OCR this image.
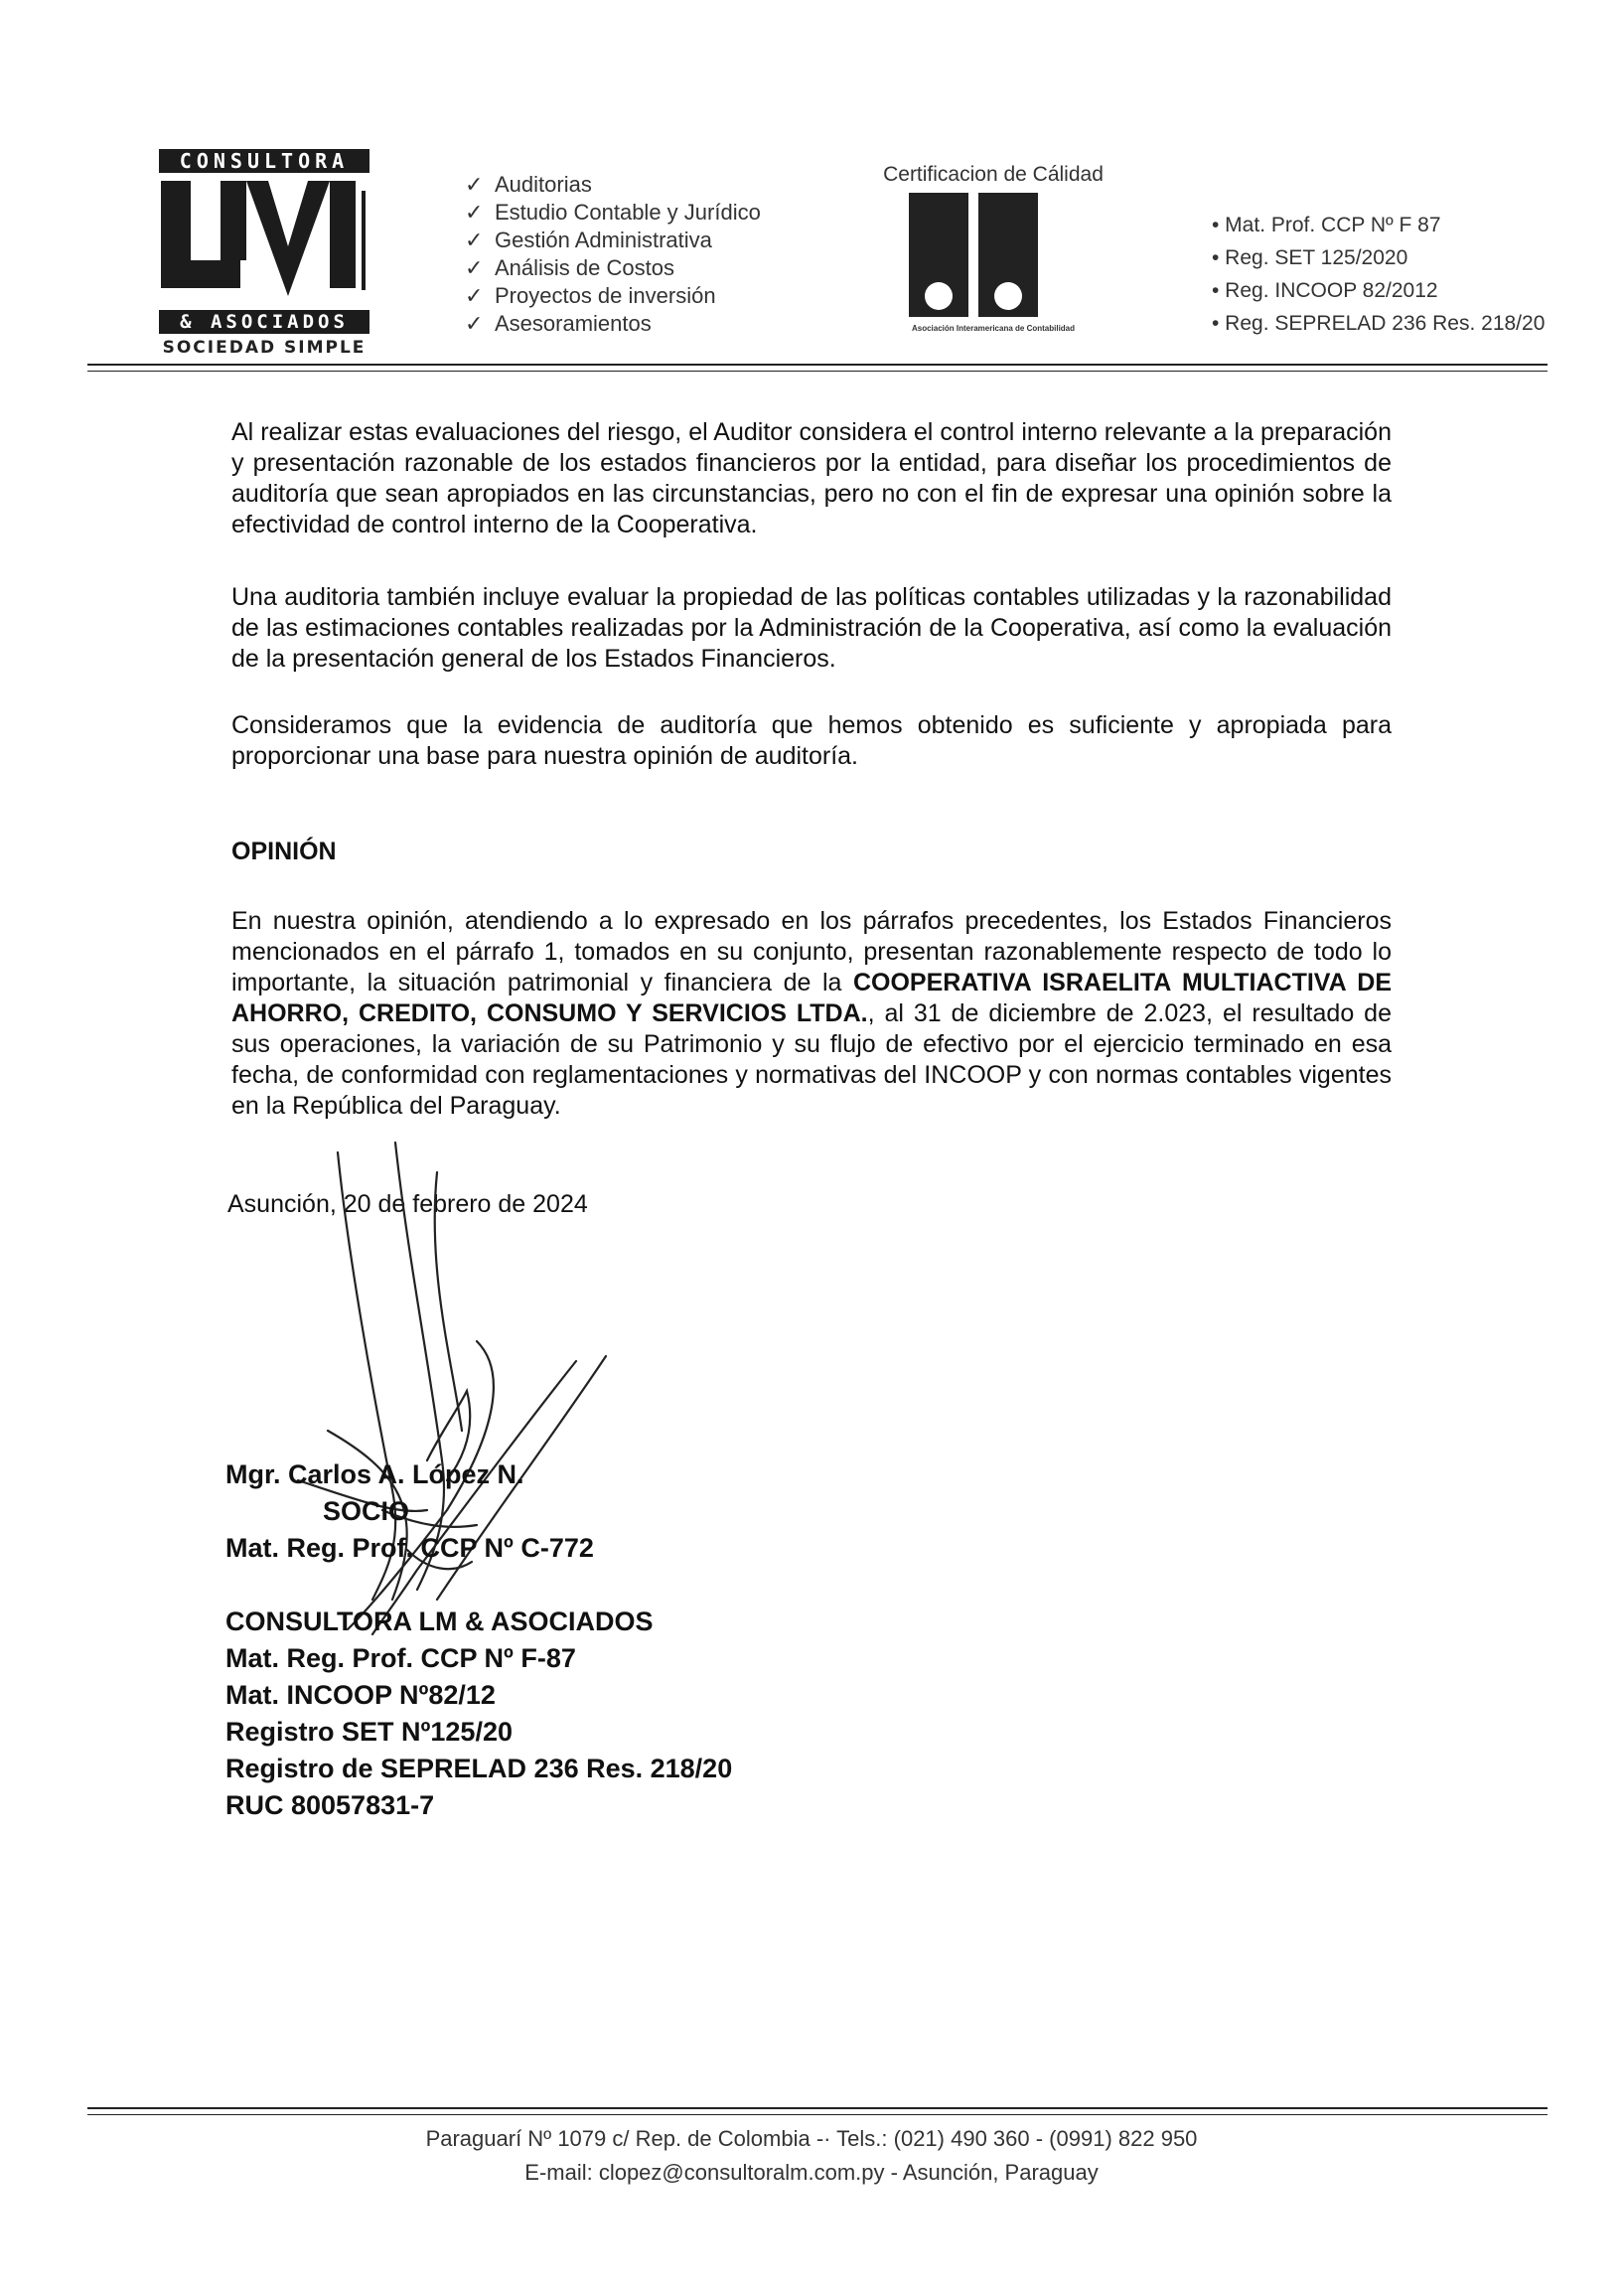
CONSULTORA
& ASOCIADOS
SOCIEDAD SIMPLE
✓ Auditorias
✓ Estudio Contable y Jurídico
✓ Gestión Administrativa
✓ Análisis de Costos
✓ Proyectos de inversión
✓ Asesoramientos
Certificacion de Cálidad
Asociación Interamericana de Contabilidad
• Mat. Prof. CCP Nº F 87
• Reg. SET 125/2020
• Reg. INCOOP 82/2012
• Reg. SEPRELAD 236 Res. 218/20

Al realizar estas evaluaciones del riesgo, el Auditor considera el control interno relevante a la preparación y presentación razonable de los estados financieros por la entidad, para diseñar los procedimientos de auditoría que sean apropiados en las circunstancias, pero no con el fin de expresar una opinión sobre la efectividad de control interno de la Cooperativa.

Una auditoria también incluye evaluar la propiedad de las políticas contables utilizadas y la razonabilidad de las estimaciones contables realizadas por la Administración de la Cooperativa, así como la evaluación de la presentación general de los Estados Financieros.

Consideramos que la evidencia de auditoría que hemos obtenido es suficiente y apropiada para proporcionar una base para nuestra opinión de auditoría.

OPINIÓN

En nuestra opinión, atendiendo a lo expresado en los párrafos precedentes, los Estados Financieros mencionados en el párrafo 1, tomados en su conjunto, presentan razonablemente respecto de todo lo importante, la situación patrimonial y financiera de la COOPERATIVA ISRAELITA MULTIACTIVA DE AHORRO, CREDITO, CONSUMO Y SERVICIOS LTDA., al 31 de diciembre de 2.023, el resultado de sus operaciones, la variación de su Patrimonio y su flujo de efectivo por el ejercicio terminado en esa fecha, de conformidad con reglamentaciones y normativas del INCOOP y con normas contables vigentes en la República del Paraguay.

Asunción, 20 de febrero de 2024

Mgr. Carlos A. López N.
SOCIO
Mat. Reg. Prof. CCP Nº C-772
CONSULTORA LM & ASOCIADOS
Mat. Reg. Prof. CCP Nº F-87
Mat. INCOOP Nº82/12
Registro SET Nº125/20
Registro de SEPRELAD 236 Res. 218/20
RUC 80057831-7

Paraguarí Nº 1079 c/ Rep. de Colombia -· Tels.: (021) 490 360 - (0991) 822 950

E-mail: clopez@consultoralm.com.py - Asunción, Paraguay
